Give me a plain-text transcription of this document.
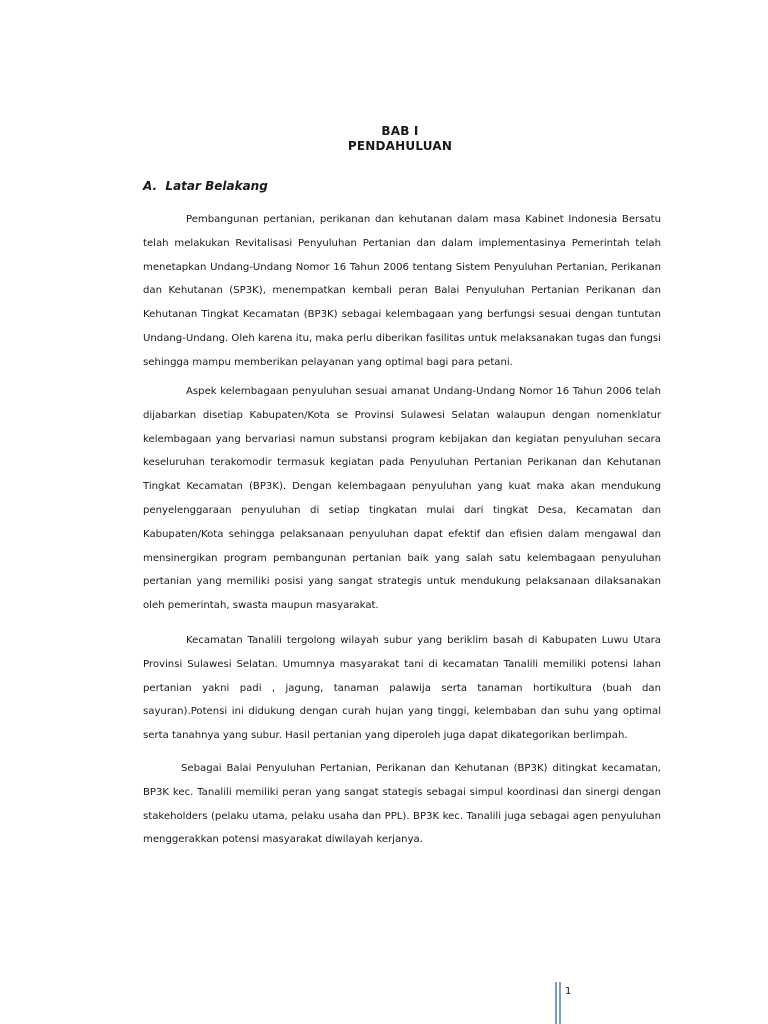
BAB I
PENDAHULUAN
A.  Latar Belakang

Pembangunan pertanian, perikanan dan kehutanan dalam masa Kabinet Indonesia Bersatu telah melakukan Revitalisasi Penyuluhan Pertanian dan dalam implementasinya Pemerintah telah menetapkan Undang-Undang Nomor 16 Tahun 2006 tentang Sistem Penyuluhan Pertanian, Perikanan dan Kehutanan (SP3K), menempatkan kembali peran Balai Penyuluhan Pertanian Perikanan dan Kehutanan Tingkat Kecamatan (BP3K) sebagai kelembagaan yang berfungsi sesuai dengan tuntutan Undang-Undang. Oleh karena itu, maka perlu diberikan fasilitas untuk melaksanakan tugas dan fungsi sehingga mampu memberikan pelayanan yang optimal bagi para petani.

Aspek kelembagaan penyuluhan sesuai amanat Undang-Undang Nomor 16 Tahun 2006 telah dijabarkan disetiap Kabupaten/Kota se Provinsi Sulawesi Selatan walaupun dengan nomenklatur kelembagaan yang bervariasi namun substansi program kebijakan dan kegiatan penyuluhan secara keseluruhan terakomodir termasuk kegiatan pada Penyuluhan Pertanian Perikanan dan Kehutanan Tingkat Kecamatan (BP3K). Dengan kelembagaan penyuluhan yang kuat maka akan mendukung penyelenggaraan penyuluhan di setiap tingkatan mulai dari tingkat Desa, Kecamatan dan Kabupaten/Kota sehingga pelaksanaan penyuluhan dapat efektif dan efisien dalam mengawal dan mensinergikan program pembangunan pertanian baik yang salah satu kelembagaan penyuluhan pertanian yang memiliki posisi yang sangat strategis untuk mendukung pelaksanaan dilaksanakan oleh pemerintah, swasta maupun masyarakat.

Kecamatan Tanalili tergolong wilayah subur yang beriklim basah di Kabupaten Luwu Utara Provinsi Sulawesi Selatan. Umumnya masyarakat tani di kecamatan Tanalili memiliki potensi lahan pertanian yakni padi , jagung, tanaman palawija serta tanaman hortikultura (buah dan sayuran).Potensi ini didukung dengan curah hujan yang tinggi, kelembaban dan suhu yang optimal serta tanahnya yang subur. Hasil pertanian yang diperoleh juga dapat dikategorikan berlimpah.

Sebagai Balai Penyuluhan Pertanian, Perikanan dan Kehutanan (BP3K) ditingkat kecamatan, BP3K kec. Tanalili memiliki peran yang sangat stategis sebagai simpul koordinasi dan sinergi dengan stakeholders (pelaku utama, pelaku usaha dan PPL). BP3K kec. Tanalili juga sebagai agen penyuluhan menggerakkan potensi masyarakat diwilayah kerjanya.

1
